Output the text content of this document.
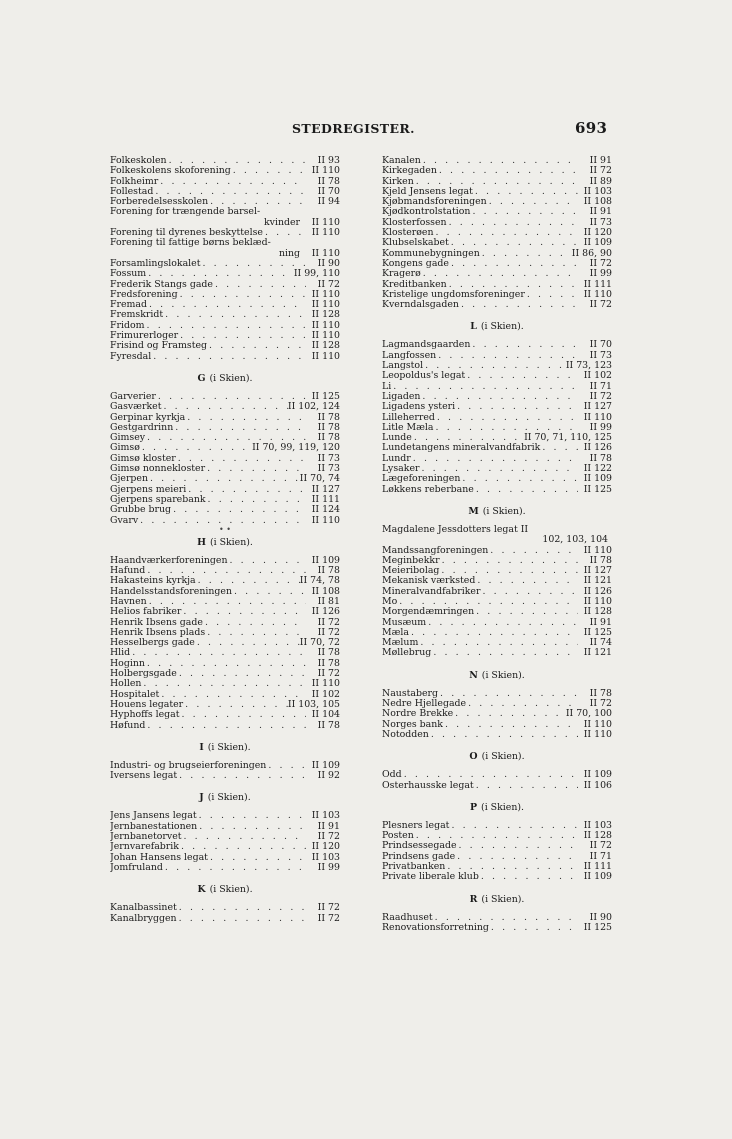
STEDREGISTER.	693
Folkeskolen . . .	II 93
Folkeskolens skoforening . . .	II 110
Folkheimr . . .	II 78
Follestad . . .	II 70
Forberedelsesskolen . . .	II 94
Forening for trængende barsel-
kvinder
	II 110
Forening til dyrenes beskyttelse . . .	II 110
Forening til fattige børns beklæd-
ning
	II 110
Forsamlingslokalet . . .	II 90
Fossum . . .	II 99, 110
Frederik Stangs gade . . .	II 72
Fredsforening . . .	II 110
Fremad . . .	II 110
Fremskridt . . .	II 128
Fridom . . .	II 110
Frimurerloger . . .	II 110
Frisind og Framsteg . . .	II 128
Fyresdal . . .	II 110
G (i Skien).
Garverier . . .	II 125
Gasværket . . .	II 102, 124
Gerpinar kyrkja . . .	II 78
Gestgardrinn . . .	II 78
Gimsey . . .	II 78
Gimsø . . .	II 70, 99, 119, 120
Gimsø kloster . . .	II 73
Gimsø nonnekloster . . .	II 73
Gjerpen . . .	II 70, 74
Gjerpens meieri . . .	II 127
Gjerpens sparebank . . .	II 111
Grubbe brug . . .	II 124
Gvarv . . .	II 110
• •
H (i Skien).
Haandværkerforeningen . . .	II 109
Hafund . . .	II 78
Hakasteins kyrkja . . .	II 74, 78
Handelsstandsforeningen . . .	II 108
Havnen . . .	II 81
Helios fabriker . . .	II 126
Henrik Ibsens gade . . .	II 72
Henrik Ibsens plads . . .	II 72
Hesselbergs gade . . .	II 70, 72
Hlid . . .	II 78
Hoginn . . .	II 78
Holbergsgade . . .	II 72
Hollen . . .	II 110
Hospitalet . . .	II 102
Houens legater . . .	II 103, 105
Hyphoffs legat . . .	II 104
Høfund . . .	II 78
I (i Skien).
Industri- og brugseierforeningen . . .	II 109
Iversens legat . . .	II 92
J (i Skien).
Jens Jansens legat . . .	II 103
Jernbanestationen . . .	II 91
Jernbanetorvet . . .	II 72
Jernvarefabrik . . .	II 120
Johan Hansens legat . . .	II 103
Jomfruland . . .	II 99
K (i Skien).
Kanalbassinet . . .	II 72
Kanalbryggen . . .	II 72
Kanalen . . .	II 91
Kirkegaden . . .	II 72
Kirken . . .	II 89
Kjeld Jensens legat . . .	II 103
Kjøbmandsforeningen . . .	II 108
Kjødkontrolstation . . .	II 91
Klosterfossen . . .	II 73
Klosterøen . . .	II 120
Klubselskabet . . .	II 109
Kommunebygningen . . .	II 86, 90
Kongens gade . . .	II 72
Kragerø . . .	II 99
Kreditbanken . . .	II 111
Kristelige ungdomsforeninger . . .	II 110
Kverndalsgaden . . .	II 72
L (i Skien).
Lagmandsgaarden . . .	II 70
Langfossen . . .	II 73
Langstol . . .	II 73, 123
Leopoldus's legat . . .	II 102
Li . . .	II 71
Ligaden . . .	II 72
Ligadens ysteri . . .	II 127
Lilleherred . . .	II 110
Litle Mæla . . .	II 99
Lunde . . .	II 70, 71, 110, 125
Lundetangens mineralvandfabrik . . .	II 126
Lundr . . .	II 78
Lysaker . . .	II 122
Lægeforeningen . . .	II 109
Løkkens reberbane . . .	II 125
M (i Skien).
Magdalene Jessdotters legat II
102, 103, 104
Mandssangforeningen . . .	II 110
Meginbekkr . . .	II 78
Meieribolag . . .	II 127
Mekanisk værksted . . .	II 121
Mineralvandfabriker . . .	II 126
Mo . . .	II 110
Morgendæmringen . . .	II 128
Musæum . . .	II 91
Mæla . . .	II 125
Mælum . . .	II 74
Møllebrug . . .	II 121
N (i Skien).
Naustaberg . . .	II 78
Nedre Hjellegade . . .	II 72
Nordre Brekke . . .	II 70, 100
Norges bank . . .	II 110
Notodden . . .	II 110
O (i Skien).
Odd . . .	II 109
Osterhausske legat . . .	II 106
P (i Skien).
Plesners legat . . .	II 103
Posten . . .	II 128
Prindsessegade . . .	II 72
Prindsens gade . . .	II 71
Privatbanken . . .	II 111
Private liberale klub . . .	II 109
R (i Skien).
Raadhuset . . .	II 90
Renovationsforretning . . .	II 125
